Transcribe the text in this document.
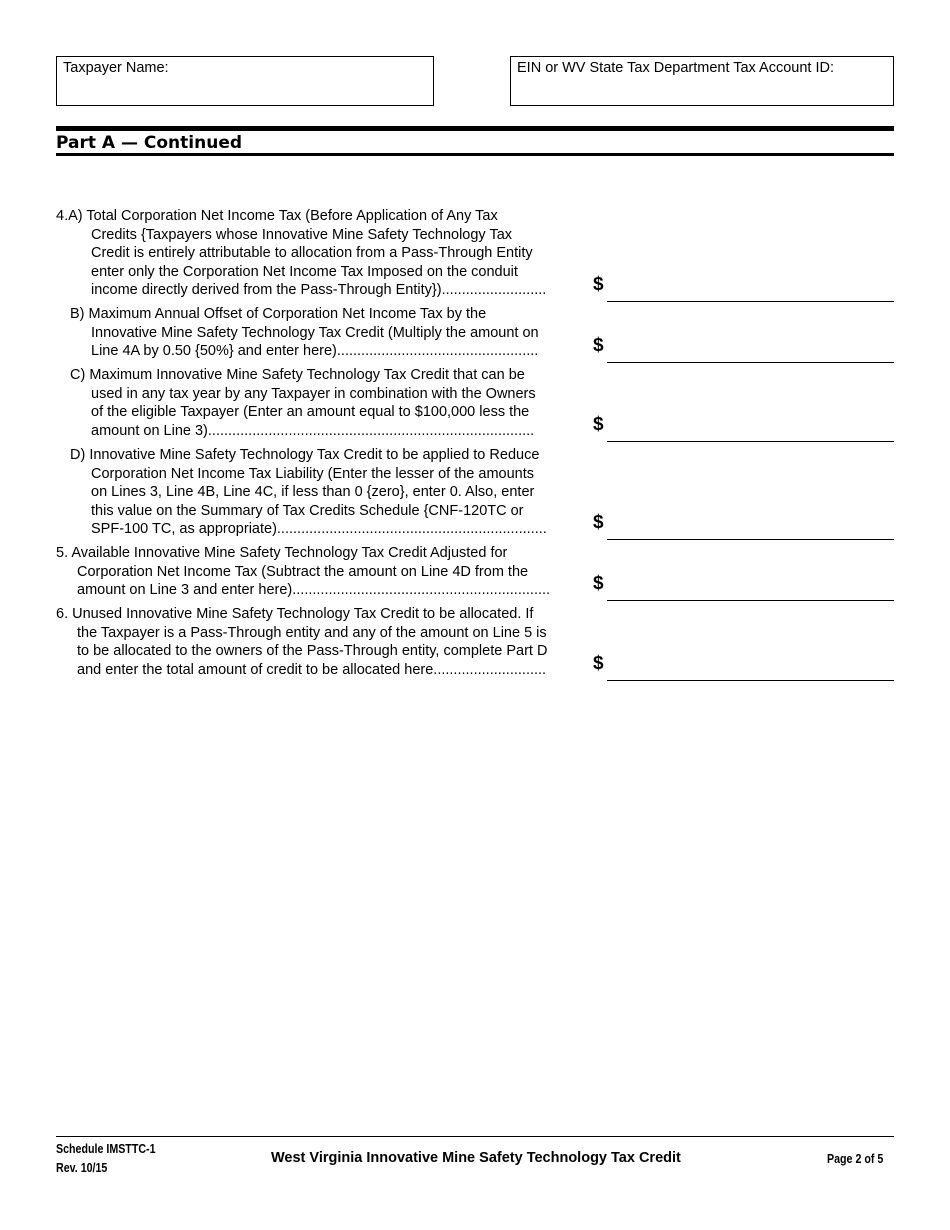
Taxpayer Name:	EIN or WV State Tax Department Tax Account ID:
Part A — Continued
4.A) Total Corporation Net Income Tax (Before Application of Any Tax
Credits {Taxpayers whose Innovative Mine Safety Technology Tax
Credit is entirely attributable to allocation from a Pass-Through Entity
enter only the Corporation Net Income Tax Imposed on the conduit
income directly derived from the Pass-Through Entity}).......................... $
B) Maximum Annual Offset of Corporation Net Income Tax by the
Innovative Mine Safety Technology Tax Credit (Multiply the amount on
Line 4A by 0.50 {50%} and enter here)..................................................	$
C) Maximum Innovative Mine Safety Technology Tax Credit that can be
used in any tax year by any Taxpayer in combination with the Owners
of the eligible Taxpayer (Enter an amount equal to $100,000 less the
amount on Line 3).................................................................................	$
D) Innovative Mine Safety Technology Tax Credit to be applied to Reduce
Corporation Net Income Tax Liability (Enter the lesser of the amounts
on Lines 3, Line 4B, Line 4C, if less than 0 {zero}, enter 0. Also, enter
this value on the Summary of Tax Credits Schedule {CNF-120TC or
SPF-100 TC, as appropriate)................................................................... $
5. Available Innovative Mine Safety Technology Tax Credit Adjusted for
Corporation Net Income Tax (Subtract the amount on Line 4D from the
amount on Line 3 and enter here)................................................................ $
6. Unused Innovative Mine Safety Technology Tax Credit to be allocated. If
the Taxpayer is a Pass-Through entity and any of the amount on Line 5 is
to be allocated to the owners of the Pass-Through entity, complete Part D
and enter the total amount of credit to be allocated here............................ $
Schedule IMSTTC-1
Rev. 10/15
West Virginia Innovative Mine Safety Technology Tax Credit	Page 2 of 5
